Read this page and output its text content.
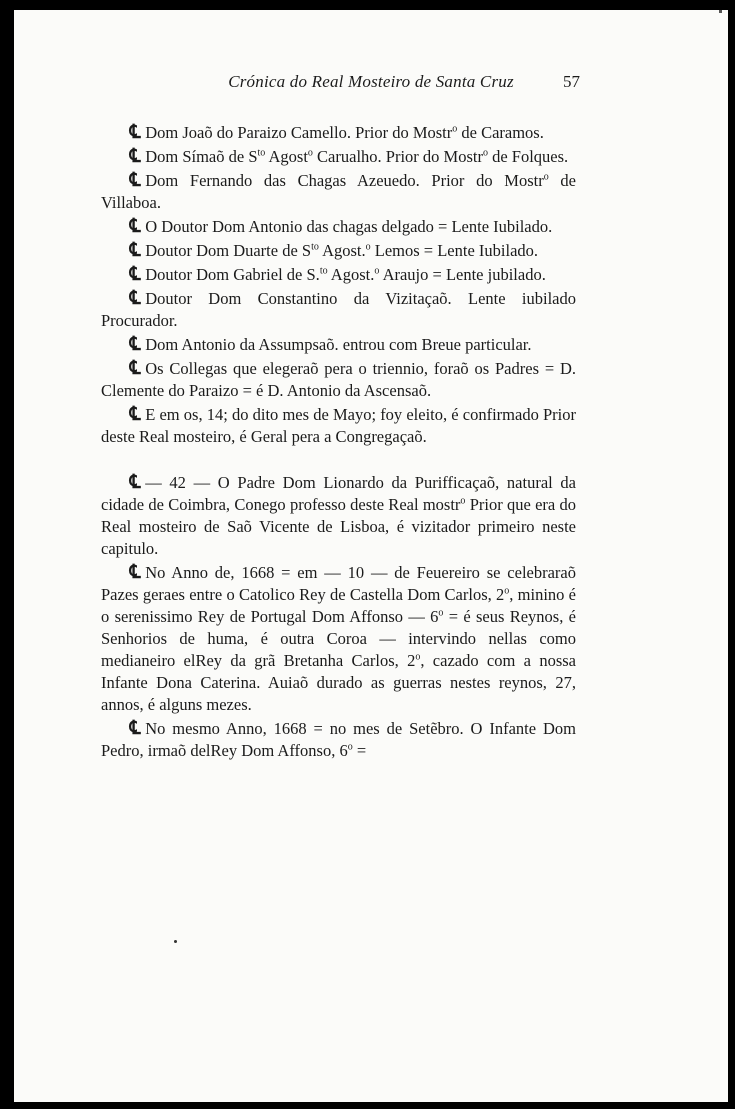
Crónica do Real Mosteiro de Santa Cruz	57

℄ Dom Joaõ do Paraizo Camello. Prior do Mostr$^o$ de Caramos.

℄ Dom Símaõ de $S^{to}$ Agost$^o$ Carualho. Prior do Mostr$^o$ de Folques.

℄ Dom Fernando das Chagas Azeuedo. Prior do Mostr$^o$ de Villaboa.

℄ O Doutor Dom Antonio das chagas delgado = Lente Iubilado.

℄ Doutor Dom Duarte de $S^{to}$ Agost.$^o$ Lemos = Lente Iubilado.

℄ Doutor Dom Gabriel de S.$^{to}$ Agost.$^o$ Araujo = Lente jubilado.

℄ Doutor Dom Constantino da Vizitaçaõ. Lente iubilado Procurador.

℄ Dom Antonio da Assumpsaõ. entrou com Breue particular.

℄ Os Collegas que elegeraõ pera o triennio, foraõ os Padres = D. Clemente do Paraizo = é D. Antonio da Ascensaõ.

℄ E em os, 14; do dito mes de Mayo; foy eleito, é confirmado Prior deste Real mosteiro, é Geral pera a Congregaçaõ.

℄ — 42 — O Padre Dom Lionardo da Purifficaçaõ, natural da cidade de Coimbra, Conego professo deste Real mostr$^o$ Prior que era do Real mosteiro de Saõ Vicente de Lisboa, é vizitador primeiro neste capitulo.

℄ No Anno de, 1668 = em — 10 — de Feuereiro se celebraraõ Pazes geraes entre o Catolico Rey de Castella Dom Carlos, 2$^o$, minino é o serenissimo Rey de Portugal Dom Affonso — $6^o$ = é seus Reynos, é Senhorios de huma, é outra Coroa — intervindo nellas como medianeiro elRey da grã Bretanha Carlos, 2$^o$, cazado com a nossa Infante Dona Caterina. Auiaõ durado as guerras nestes reynos, 27, annos, é alguns mezes.

℄ No mesmo Anno, 1668 = no mes de Setẽbro. O Infante Dom Pedro, irmaõ delRey Dom Affonso, $6^o$ =
